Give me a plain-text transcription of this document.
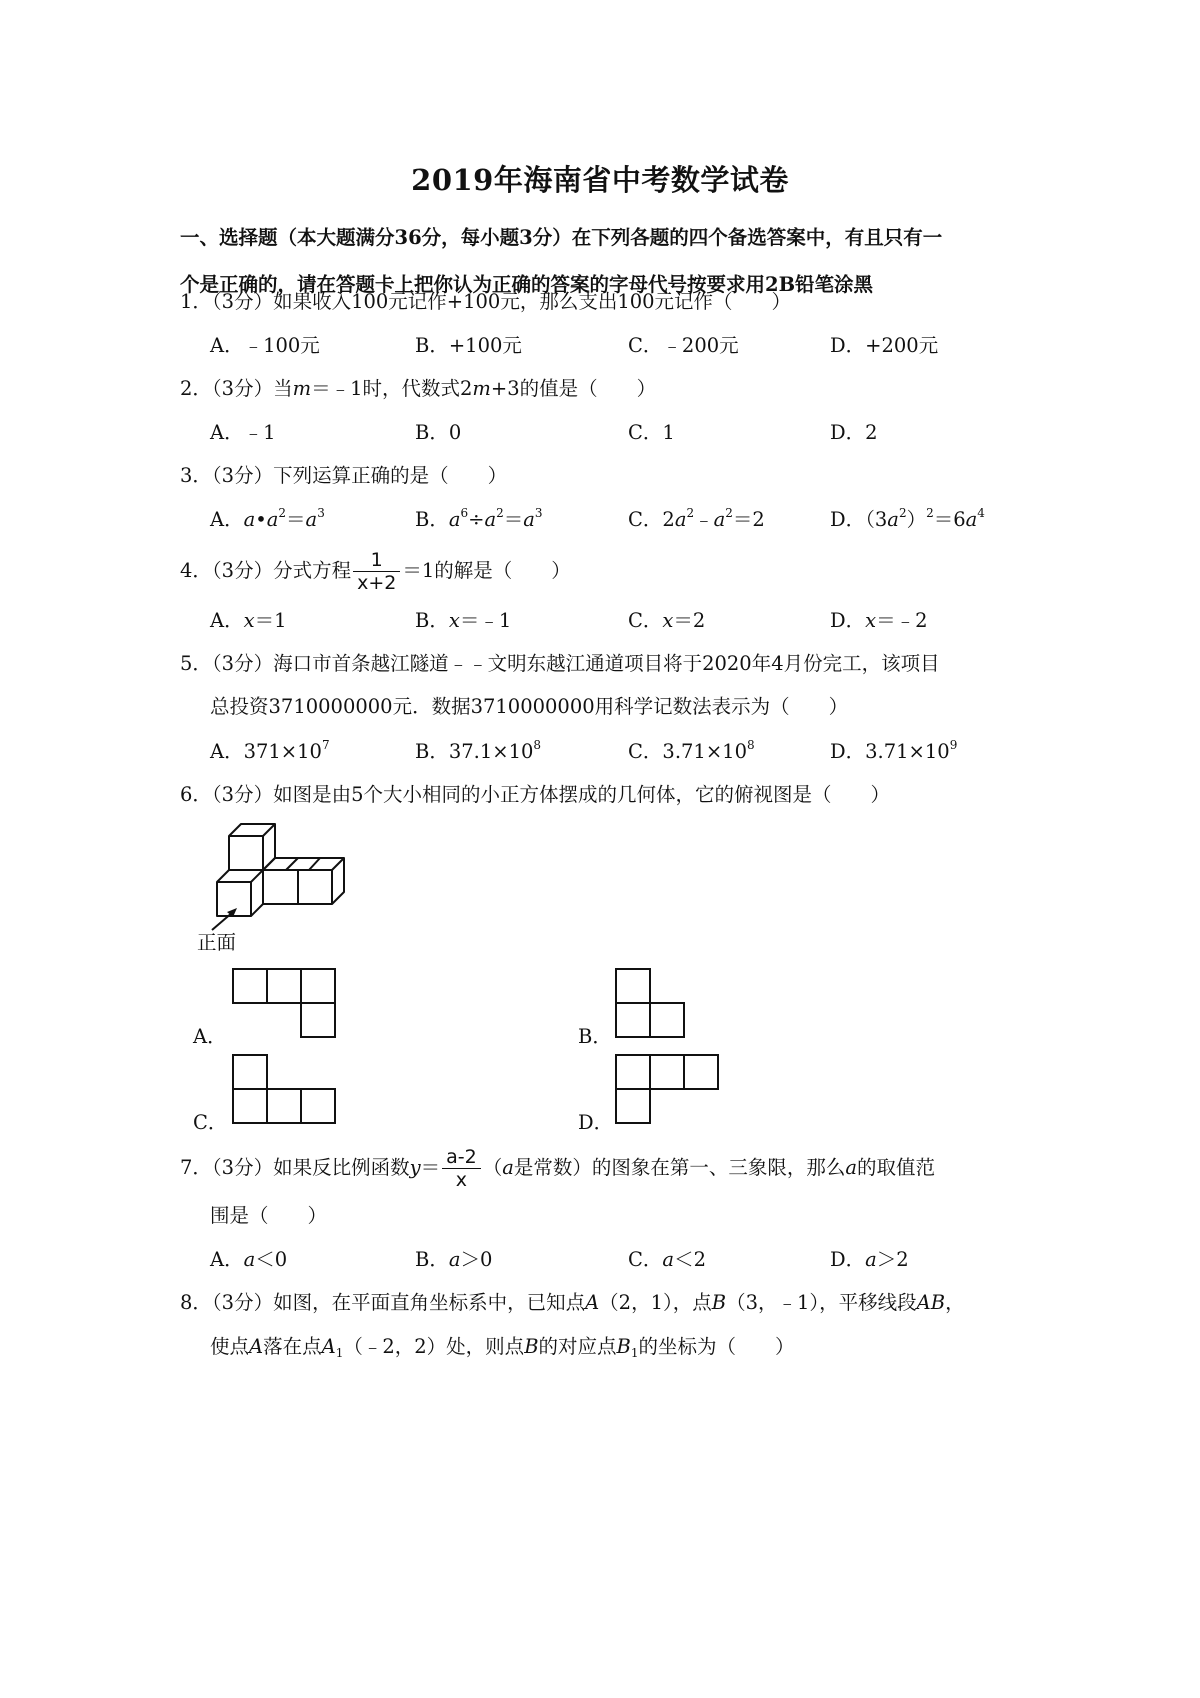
2019年海南省中考数学试卷
一、选择题（本大题满分36分，每小题3分）在下列各题的四个备选答案中，有且只有一
个是正确的，请在答题卡上把你认为正确的答案的字母代号按要求用2B铅笔涂黑
1．（3分）如果收入100元记作+100元，那么支出100元记作（　　）
A．﹣100元	B．+100元	C．﹣200元	D．+200元
2．（3分）当m＝﹣1时，代数式2m+3的值是（　　）
A．﹣1	B．0	C．1	D．2
3．（3分）下列运算正确的是（　　）
A．$a•a^2=a^3$	B．$a^6\div a^2=a^3$	C．$2a^2﹣a^2=2$	D．$(3a^2)^2=6a^4$
4．（3分）分式方程 $\frac{1}{x+2} =1$的解是（　　）
A．x＝1	B．x＝﹣1	C．x＝2	D．x＝﹣2
5．（3分）海口市首条越江隧道﹣﹣文明东越江通道项目将于2020年4月份完工，该项目
总投资3710000000元．数据3710000000用科学记数法表示为（　　）
A．$371\times 10^7$	B．$37.1\times 10^8$	C．$3.71\times 10^8$	D．$3.71\times 10^9$
6．（3分）如图是由5个大小相同的小正方体摆成的几何体，它的俯视图是（　　）
正面
A．	B．
C．	D．
7．（3分）如果反比例函数$y= \frac{a-2}{x} (a$是常数）的图象在第一、三象限，那么a的取值范
围是（　　）
A．a＜0	B．a＞0	C．a＜2	D．a＞2
8．（3分）如图，在平面直角坐标系中，已知点A（2，1），点B（3，﹣1），平移线段AB，
使点A落在点$A_1(﹣2$，2）处，则点B的对应点$B_1$的坐标为（　　）
